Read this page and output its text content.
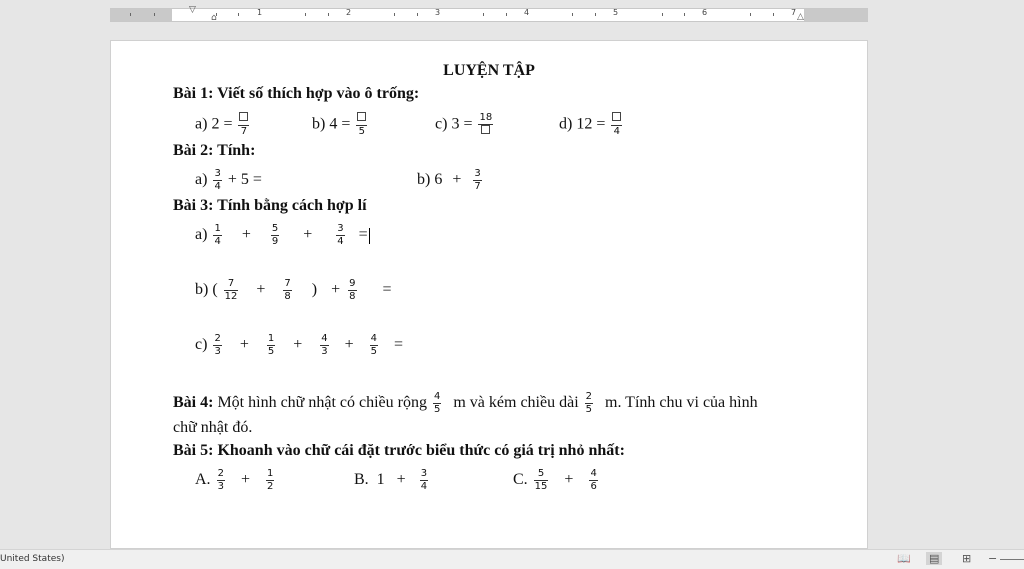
1	2	3	4	5	6	7
▽
⌂	△
LUYỆN TẬP
Bài 1: Viết số thích hợp vào ô trống:
a) 2 = 7	b) 4 = 5	c) 3 = 18	d) 12 = 4
Bài 2: Tính:
$a) \frac{3}{4} + 5$ =	b) $6 + \frac{3}{7}$
Bài 3: Tính bằng cách hợp lí
$a) \frac{1}{4} + \frac{5}{9} + \frac{3}{4}$ =
b) ( $\frac{7}{12} + \frac{7}{8}$ ) + $\frac{9}{8}$ =
$c) \frac{2}{3} + \frac{1}{5} + \frac{4}{3} + \frac{4}{5}$ =
Bài 4: Một hình chữ nhật có chiều rộng $\frac{4}{5}$ m và kém chiều dài $\frac{2}{5} m$. Tính chu vi của hình
chữ nhật đó.
Bài 5: Khoanh vào chữ cái đặt trước biểu thức có giá trị nhỏ nhất:
A. $\frac{2}{3} + \frac{1}{2}$	B. $1 + \frac{3}{4}$	C. $\frac{5}{15} + \frac{4}{6}$
United States)	📖 ▤ ⊞ −
